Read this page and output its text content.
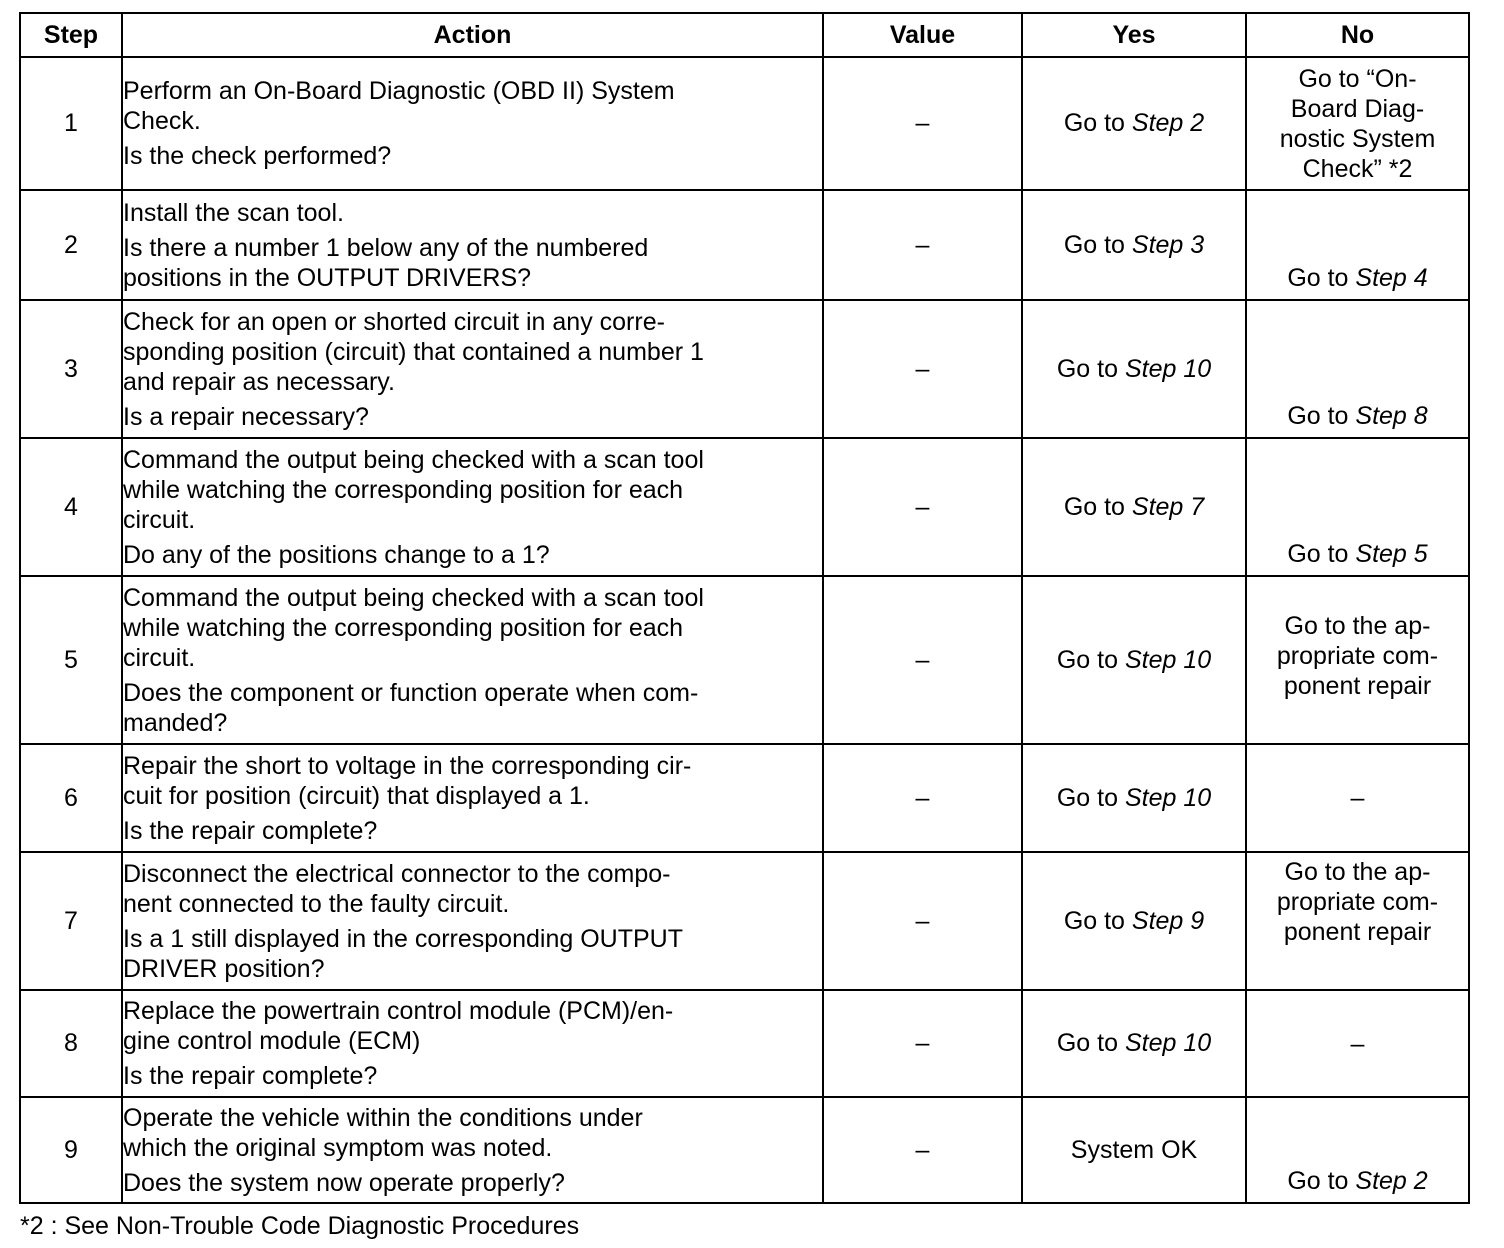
Step	Action	Value	Yes	No
1	Perform an On-Board Diagnostic (OBD II) System
Check.
Is the check performed?	–	Go to Step 2	Go to “On-
Board Diag-
nostic System
Check” *2
2	Install the scan tool.
Is there a number 1 below any of the numbered
positions in the OUTPUT DRIVERS?	–	Go to Step 3	Go to Step 4
3	Check for an open or shorted circuit in any corre-
sponding position (circuit) that contained a number 1
and repair as necessary.
Is a repair necessary?	–	Go to Step 10	Go to Step 8
4	Command the output being checked with a scan tool
while watching the corresponding position for each
circuit.
Do any of the positions change to a 1?	–	Go to Step 7	Go to Step 5
5	Command the output being checked with a scan tool
while watching the corresponding position for each
circuit.
Does the component or function operate when com-
manded?	–	Go to Step 10	Go to the ap-
propriate com-
ponent repair
6	Repair the short to voltage in the corresponding cir-
cuit for position (circuit) that displayed a 1.
Is the repair complete?	–	Go to Step 10	–
7	Disconnect the electrical connector to the compo-
nent connected to the faulty circuit.
Is a 1 still displayed in the corresponding OUTPUT
DRIVER position?	–	Go to Step 9	Go to the ap-
propriate com-
ponent repair
8	Replace the powertrain control module (PCM)/en-
gine control module (ECM)
Is the repair complete?	–	Go to Step 10	–
9	Operate the vehicle within the conditions under
which the original symptom was noted.
Does the system now operate properly?	–	System OK	Go to Step 2
*2 : See Non-Trouble Code Diagnostic Procedures
